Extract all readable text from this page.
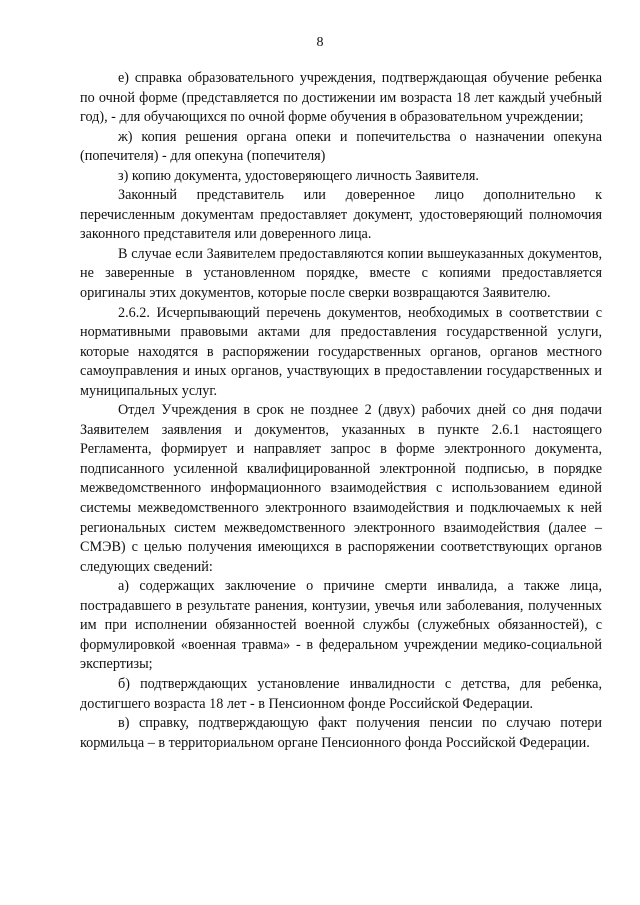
8

е) справка образовательного учреждения, подтверждающая обучение ребенка по очной форме (представляется по достижении им возраста 18 лет каждый учебный год), - для обучающихся по очной форме обучения в образовательном учреждении;

ж) копия решения органа опеки и попечительства о назначении опекуна (попечителя) - для опекуна (попечителя)

з) копию документа, удостоверяющего личность Заявителя.

Законный представитель или доверенное лицо дополнительно к перечисленным документам предоставляет документ, удостоверяющий полномочия законного представителя или доверенного лица.

В случае если Заявителем предоставляются копии вышеуказанных документов, не заверенные в установленном порядке, вместе с копиями предоставляется оригиналы этих документов, которые после сверки возвращаются Заявителю.

2.6.2. Исчерпывающий перечень документов, необходимых в соответствии с нормативными правовыми актами для предоставления государственной услуги, которые находятся в распоряжении государственных органов, органов местного самоуправления и иных органов, участвующих в предоставлении государственных и муниципальных услуг.

Отдел Учреждения в срок не позднее 2 (двух) рабочих дней со дня подачи Заявителем заявления и документов, указанных в пункте 2.6.1 настоящего Регламента, формирует и направляет запрос в форме электронного документа, подписанного усиленной квалифицированной электронной подписью, в порядке межведомственного информационного взаимодействия с использованием единой системы межведомственного электронного взаимодействия и подключаемых к ней региональных систем межведомственного электронного взаимодействия (далее – СМЭВ) с целью получения имеющихся в распоряжении соответствующих органов следующих сведений:

а) содержащих заключение о причине смерти инвалида, а также лица, пострадавшего в результате ранения, контузии, увечья или заболевания, полученных им при исполнении обязанностей военной службы (служебных обязанностей), с формулировкой «военная травма» - в федеральном учреждении медико-социальной экспертизы;

б) подтверждающих установление инвалидности с детства, для ребенка, достигшего возраста 18 лет - в Пенсионном фонде Российской Федерации.

в) справку, подтверждающую факт получения пенсии по случаю потери кормильца – в территориальном органе Пенсионного фонда Российской Федерации.
